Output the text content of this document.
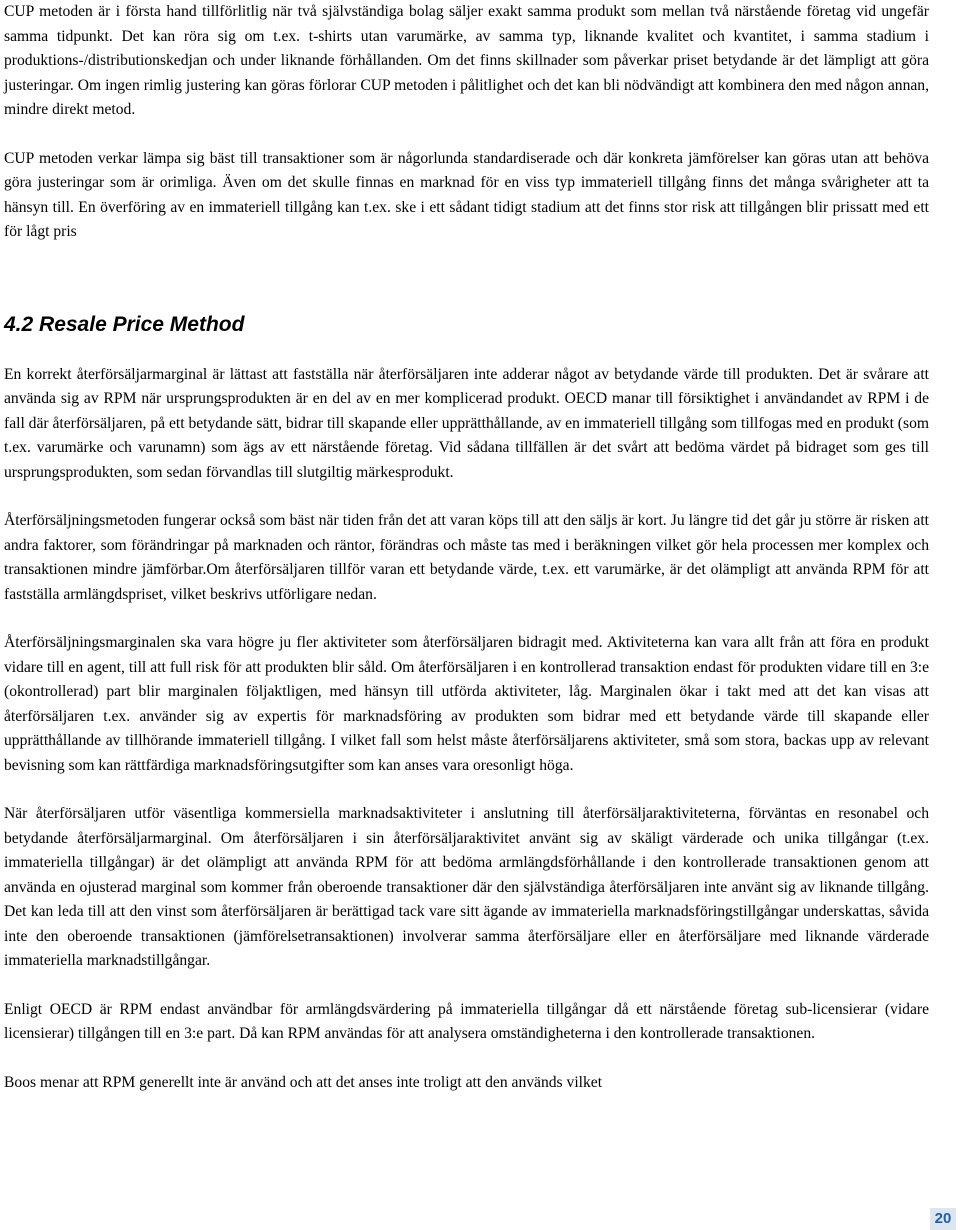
CUP metoden är i första hand tillförlitlig när två självständiga bolag säljer exakt samma produkt som mellan två närstående företag vid ungefär samma tidpunkt. Det kan röra sig om t.ex. t-shirts utan varumärke, av samma typ, liknande kvalitet och kvantitet, i samma stadium i produktions-/distributionskedjan och under liknande förhållanden. Om det finns skillnader som påverkar priset betydande är det lämpligt att göra justeringar. Om ingen rimlig justering kan göras förlorar CUP metoden i pålitlighet och det kan bli nödvändigt att kombinera den med någon annan, mindre direkt metod.

CUP metoden verkar lämpa sig bäst till transaktioner som är någorlunda standardiserade och där konkreta jämförelser kan göras utan att behöva göra justeringar som är orimliga. Även om det skulle finnas en marknad för en viss typ immateriell tillgång finns det många svårigheter att ta hänsyn till. En överföring av en immateriell tillgång kan t.ex. ske i ett sådant tidigt stadium att det finns stor risk att tillgången blir prissatt med ett för lågt pris

4.2 Resale Price Method

En korrekt återförsäljarmarginal är lättast att fastställa när återförsäljaren inte adderar något av betydande värde till produkten. Det är svårare att använda sig av RPM när ursprungsprodukten är en del av en mer komplicerad produkt. OECD manar till försiktighet i användandet av RPM i de fall där återförsäljaren, på ett betydande sätt, bidrar till skapande eller upprätthållande, av en immateriell tillgång som tillfogas med en produkt (som t.ex. varumärke och varunamn) som ägs av ett närstående företag. Vid sådana tillfällen är det svårt att bedöma värdet på bidraget som ges till ursprungsprodukten, som sedan förvandlas till slutgiltig märkesprodukt.

Återförsäljningsmetoden fungerar också som bäst när tiden från det att varan köps till att den säljs är kort. Ju längre tid det går ju större är risken att andra faktorer, som förändringar på marknaden och räntor, förändras och måste tas med i beräkningen vilket gör hela processen mer komplex och transaktionen mindre jämförbar.Om återförsäljaren tillför varan ett betydande värde, t.ex. ett varumärke, är det olämpligt att använda RPM för att fastställa armlängdspriset, vilket beskrivs utförligare nedan.

Återförsäljningsmarginalen ska vara högre ju fler aktiviteter som återförsäljaren bidragit med. Aktiviteterna kan vara allt från att föra en produkt vidare till en agent, till att full risk för att produkten blir såld. Om återförsäljaren i en kontrollerad transaktion endast för produkten vidare till en 3:e (okontrollerad) part blir marginalen följaktligen, med hänsyn till utförda aktiviteter, låg. Marginalen ökar i takt med att det kan visas att återförsäljaren t.ex. använder sig av expertis för marknadsföring av produkten som bidrar med ett betydande värde till skapande eller upprätthållande av tillhörande immateriell tillgång. I vilket fall som helst måste återförsäljarens aktiviteter, små som stora, backas upp av relevant bevisning som kan rättfärdiga marknadsföringsutgifter som kan anses vara oresonligt höga.

När återförsäljaren utför väsentliga kommersiella marknadsaktiviteter i anslutning till återförsäljaraktiviteterna, förväntas en resonabel och betydande återförsäljarmarginal. Om återförsäljaren i sin återförsäljaraktivitet använt sig av skäligt värderade och unika tillgångar (t.ex. immateriella tillgångar) är det olämpligt att använda RPM för att bedöma armlängdsförhållande i den kontrollerade transaktionen genom att använda en ojusterad marginal som kommer från oberoende transaktioner där den självständiga återförsäljaren inte använt sig av liknande tillgång. Det kan leda till att den vinst som återförsäljaren är berättigad tack vare sitt ägande av immateriella marknadsföringstillgångar underskattas, såvida inte den oberoende transaktionen (jämförelsetransaktionen) involverar samma återförsäljare eller en återförsäljare med liknande värderade immateriella marknadstillgångar.

Enligt OECD är RPM endast användbar för armlängdsvärdering på immateriella tillgångar då ett närstående företag sub-licensierar (vidare licensierar) tillgången till en 3:e part. Då kan RPM användas för att analysera omständigheterna i den kontrollerade transaktionen.

Boos menar att RPM generellt inte är använd och att det anses inte troligt att den används vilket

20
